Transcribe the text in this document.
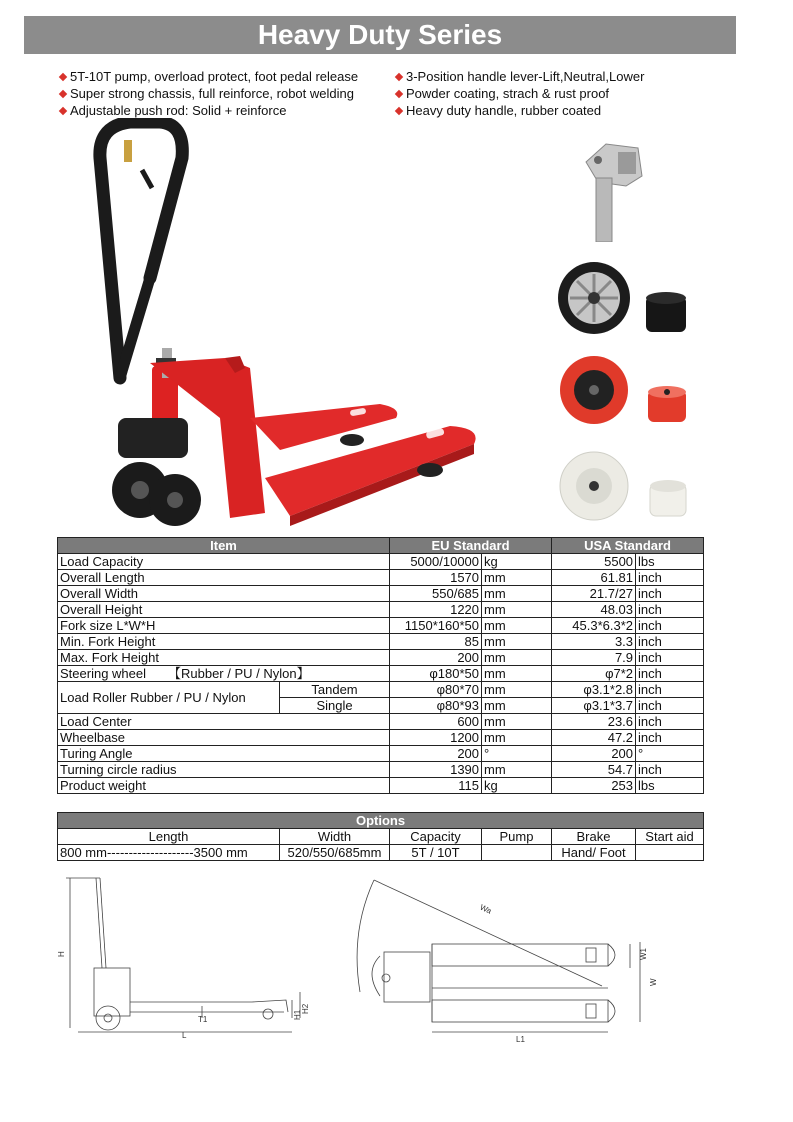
Heavy Duty Series
5T-10T pump, overload protect, foot pedal release	3-Position handle lever-Lift,Neutral,Lower
Super strong chassis, full reinforce, robot welding	Powder coating, strach & rust proof
Adjustable push rod: Solid + reinforce	Heavy duty handle, rubber coated
Item		EU Standard		USA Standard	
Load Capacity		5000/10000	kg	5500	lbs
Overall Length		1570	mm	61.81	inch
Overall Width		550/685	mm	21.7/27	inch
Overall Height		1220	mm	48.03	inch
Fork size L*W*H		1150*160*50	mm	45.3*6.3*2	inch
Min. Fork Height		85	mm	3.3	inch
Max. Fork Height		200	mm	7.9	inch
Steering wheel 【Rubber / PU / Nylon】		φ180*50	mm	φ7*2	inch
Load Roller Rubber / PU / Nylon	Tandem	φ80*70	mm	φ3.1*2.8	inch
	Single	φ80*93	mm	φ3.1*3.7	inch
Load Center		600	mm	23.6	inch
Wheelbase		1200	mm	47.2	inch
Turing Angle		200	°	200	°
Turning circle radius		1390	mm	54.7	inch
Product weight		115	kg	253	lbs
Options					
Length	Width	Capacity	Pump	Brake	Start aid
800 mm--------------------3500 mm	520/550/685mm	5T / 10T		Hand/ Foot	
H
H1
H2
T1
L
Wa
W1
W
L1
